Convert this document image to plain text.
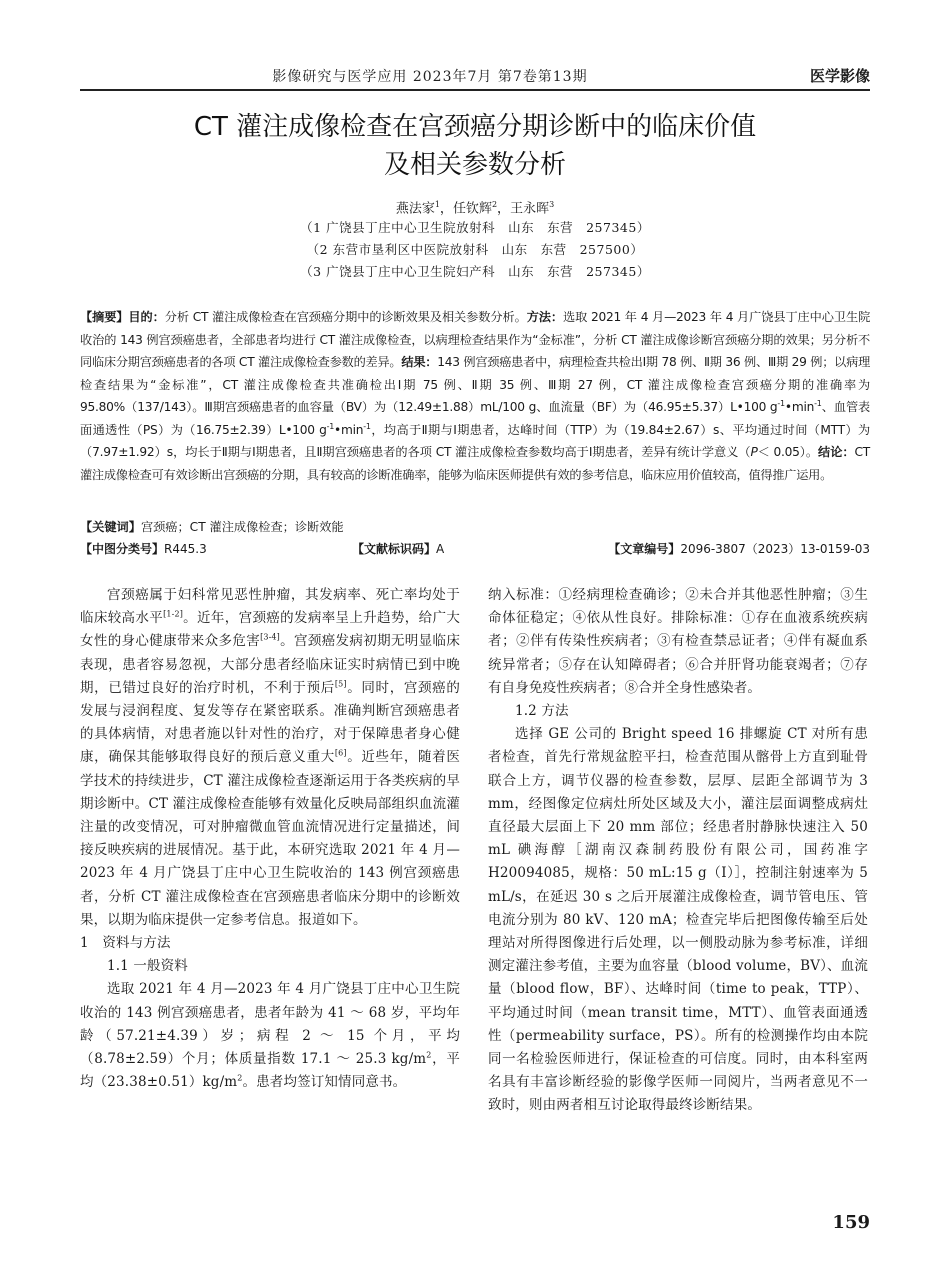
影像研究与医学应用 2023年7月 第7卷第13期	医学影像
CT 灌注成像检查在宫颈癌分期诊断中的临床价值
及相关参数分析
燕法家$^1$，任钦辉$^2$，王永晖$^3$
（1 广饶县丁庄中心卫生院放射科　山东　东营　257345）
（2 东营市垦利区中医院放射科　山东　东营　257500）
（3 广饶县丁庄中心卫生院妇产科　山东　东营　257345）
【摘要】目的：分析 CT 灌注成像检查在宫颈癌分期中的诊断效果及相关参数分析。方法：选取 2021 年 4 月—2023 年 4 月广饶县丁庄中心卫生院收治的 143 例宫颈癌患者，全部患者均进行 CT 灌注成像检查，以病理检查结果作为“金标准”，分析 CT 灌注成像诊断宫颈癌分期的效果；另分析不同临床分期宫颈癌患者的各项 CT 灌注成像检查参数的差异。结果：143 例宫颈癌患者中，病理检查共检出Ⅰ期 78 例、Ⅱ期 36 例、Ⅲ期 29 例；以病理检查结果为“金标准”，CT 灌注成像检查共准确检出Ⅰ期 75 例、Ⅱ期 35 例、Ⅲ期 27 例，CT 灌注成像检查宫颈癌分期的准确率为 95.80%（137/143）。Ⅲ期宫颈癌患者的血容量（BV）为（12.49±1.88）mL/100 g、血流量（BF）为（46.95±5.37）L•100 $g^{-1}•\min^{-1}$、血管表面通透性（PS）为（16.75±2.39）L•100 $g^{-1}•\min^{-1}$，均高于Ⅱ期与Ⅰ期患者，达峰时间（TTP）为（19.84±2.67）s、平均通过时间（MTT）为（7.97±1.92）s，均长于Ⅱ期与Ⅰ期患者，且Ⅱ期宫颈癌患者的各项 CT 灌注成像检查参数均高于Ⅰ期患者，差异有统计学意义（P＜ 0.05）。结论：CT 灌注成像检查可有效诊断出宫颈癌的分期，具有较高的诊断准确率，能够为临床医师提供有效的参考信息，临床应用价值较高，值得推广运用。
【关键词】宫颈癌；CT 灌注成像检查；诊断效能
【中图分类号】R445.3	【文献标识码】A	【文章编号】2096-3807（2023）13-0159-03

宫颈癌属于妇科常见恶性肿瘤，其发病率、死亡率均处于临床较高水平[1-2]。近年，宫颈癌的发病率呈上升趋势，给广大女性的身心健康带来众多危害[3-4]。宫颈癌发病初期无明显临床表现，患者容易忽视，大部分患者经临床证实时病情已到中晚期，已错过良好的治疗时机，不利于预后[5]。同时，宫颈癌的发展与浸润程度、复发等存在紧密联系。准确判断宫颈癌患者的具体病情，对患者施以针对性的治疗，对于保障患者身心健康，确保其能够取得良好的预后意义重大[6]。近些年，随着医学技术的持续进步，CT 灌注成像检查逐渐运用于各类疾病的早期诊断中。CT 灌注成像检查能够有效量化反映局部组织血流灌注量的改变情况，可对肿瘤微血管血流情况进行定量描述，间接反映疾病的进展情况。基于此，本研究选取 2021 年 4 月—2023 年 4 月广饶县丁庄中心卫生院收治的 143 例宫颈癌患者，分析 CT 灌注成像检查在宫颈癌患者临床分期中的诊断效果，以期为临床提供一定参考信息。报道如下。

1　资料与方法
1.1 一般资料

选取 2021 年 4 月—2023 年 4 月广饶县丁庄中心卫生院收治的 143 例宫颈癌患者，患者年龄为 41 ～ 68 岁，平均年龄（57.21±4.39）岁；病程 2 ～ 15 个月，平均（8.78±2.59）个月；体质量指数 17.1 ～ 25.3 $kg/m^2$，平均$(23.38\pm 0.51)kg/m^2$。患者均签订知情同意书。

纳入标准：①经病理检查确诊；②未合并其他恶性肿瘤；③生命体征稳定；④依从性良好。排除标准：①存在血液系统疾病者；②伴有传染性疾病者；③有检查禁忌证者；④伴有凝血系统异常者；⑤存在认知障碍者；⑥合并肝肾功能衰竭者；⑦存有自身免疫性疾病者；⑧合并全身性感染者。

1.2 方法

选择 GE 公司的 Bright speed 16 排螺旋 CT 对所有患者检查，首先行常规盆腔平扫，检查范围从髂骨上方直到耻骨联合上方，调节仪器的检查参数，层厚、层距全部调节为 3 mm，经图像定位病灶所处区域及大小，灌注层面调整成病灶直径最大层面上下 20 mm 部位；经患者肘静脉快速注入 50 mL 碘海醇［湖南汉森制药股份有限公司，国药准字 H20094085，规格：50 mL:15 g（I）］，控制注射速率为 5 mL/s，在延迟 30 s 之后开展灌注成像检查，调节管电压、管电流分别为 80 kV、120 mA；检查完毕后把图像传输至后处理站对所得图像进行后处理，以一侧股动脉为参考标准，详细测定灌注参考值，主要为血容量（blood volume，BV）、血流量（blood flow，BF）、达峰时间（time to peak，TTP）、平均通过时间（mean transit time，MTT）、血管表面通透性（permeability surface，PS）。所有的检测操作均由本院同一名检验医师进行，保证检查的可信度。同时，由本科室两名具有丰富诊断经验的影像学医师一同阅片，当两者意见不一致时，则由两者相互讨论取得最终诊断结果。

159
